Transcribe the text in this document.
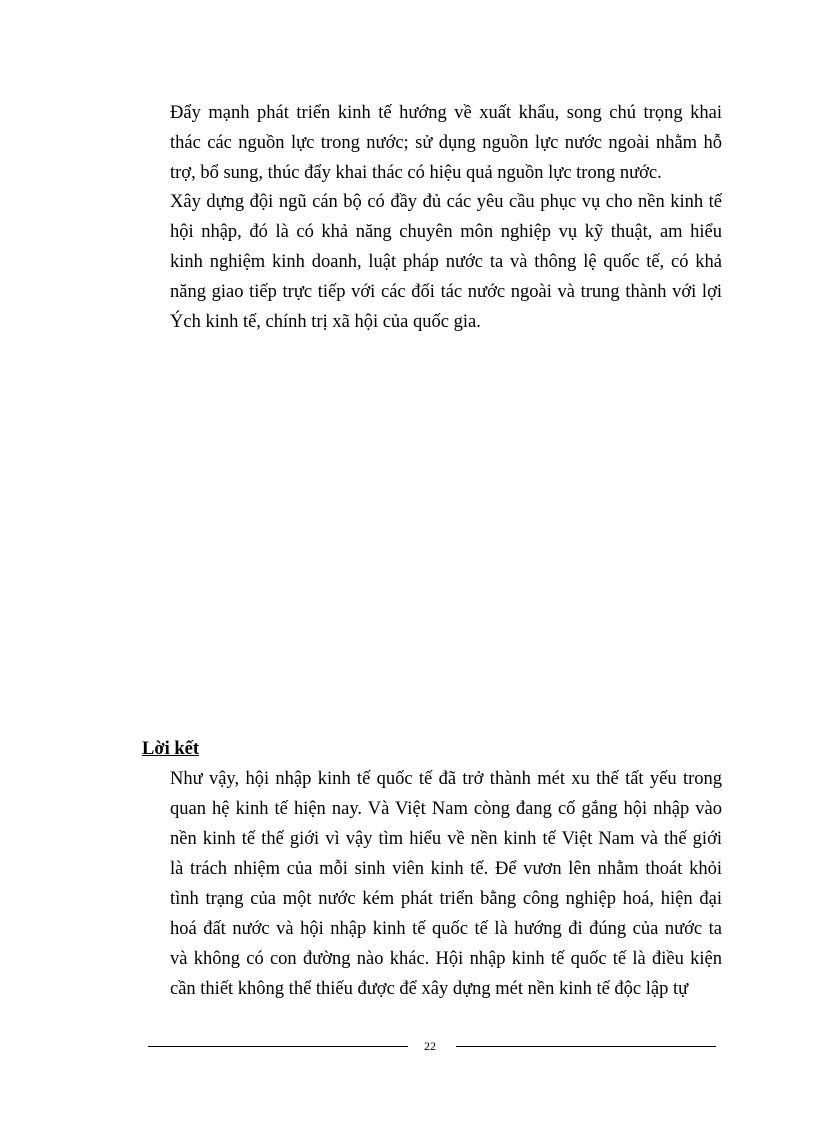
Đẩy mạnh phát triển kinh tế hướng về xuất khẩu, song chú trọng khai
thác các nguồn lực trong nước; sử dụng nguồn lực nước ngoài nhằm hỗ
trợ, bổ sung, thúc đẩy khai thác có hiệu quả nguồn lực trong nước.
Xây dựng đội ngũ cán bộ có đầy đủ các yêu cầu phục vụ cho nền kinh tế
hội nhập, đó là có khả năng chuyên môn nghiệp vụ kỹ thuật, am hiểu
kinh nghiệm kinh doanh, luật pháp nước ta và thông lệ quốc tế, có khả
năng giao tiếp trực tiếp với các đối tác nước ngoài và trung thành với lợi
Ých kinh tế, chính trị xã hội của quốc gia.
Lời kết
Như vậy, hội nhập kinh tế quốc tế đã trở thành mét xu thế tất yếu trong
quan hệ kinh tế hiện nay. Và Việt Nam còng đang cố gắng hội nhập vào
nền kinh tế thế giới vì vậy tìm hiểu về nền kinh tế Việt Nam và thế giới
là trách nhiệm của mỗi sinh viên kinh tế. Để vươn lên nhằm thoát khỏi
tình trạng của một nước kém phát triển bằng công nghiệp hoá, hiện đại
hoá đất nước và hội nhập kinh tế quốc tế là hướng đi đúng của nước ta
và không có con đường nào khác. Hội nhập kinh tế quốc tế là điều kiện
cần thiết không thể thiếu được để xây dựng mét nền kinh tế độc lập tự
22
